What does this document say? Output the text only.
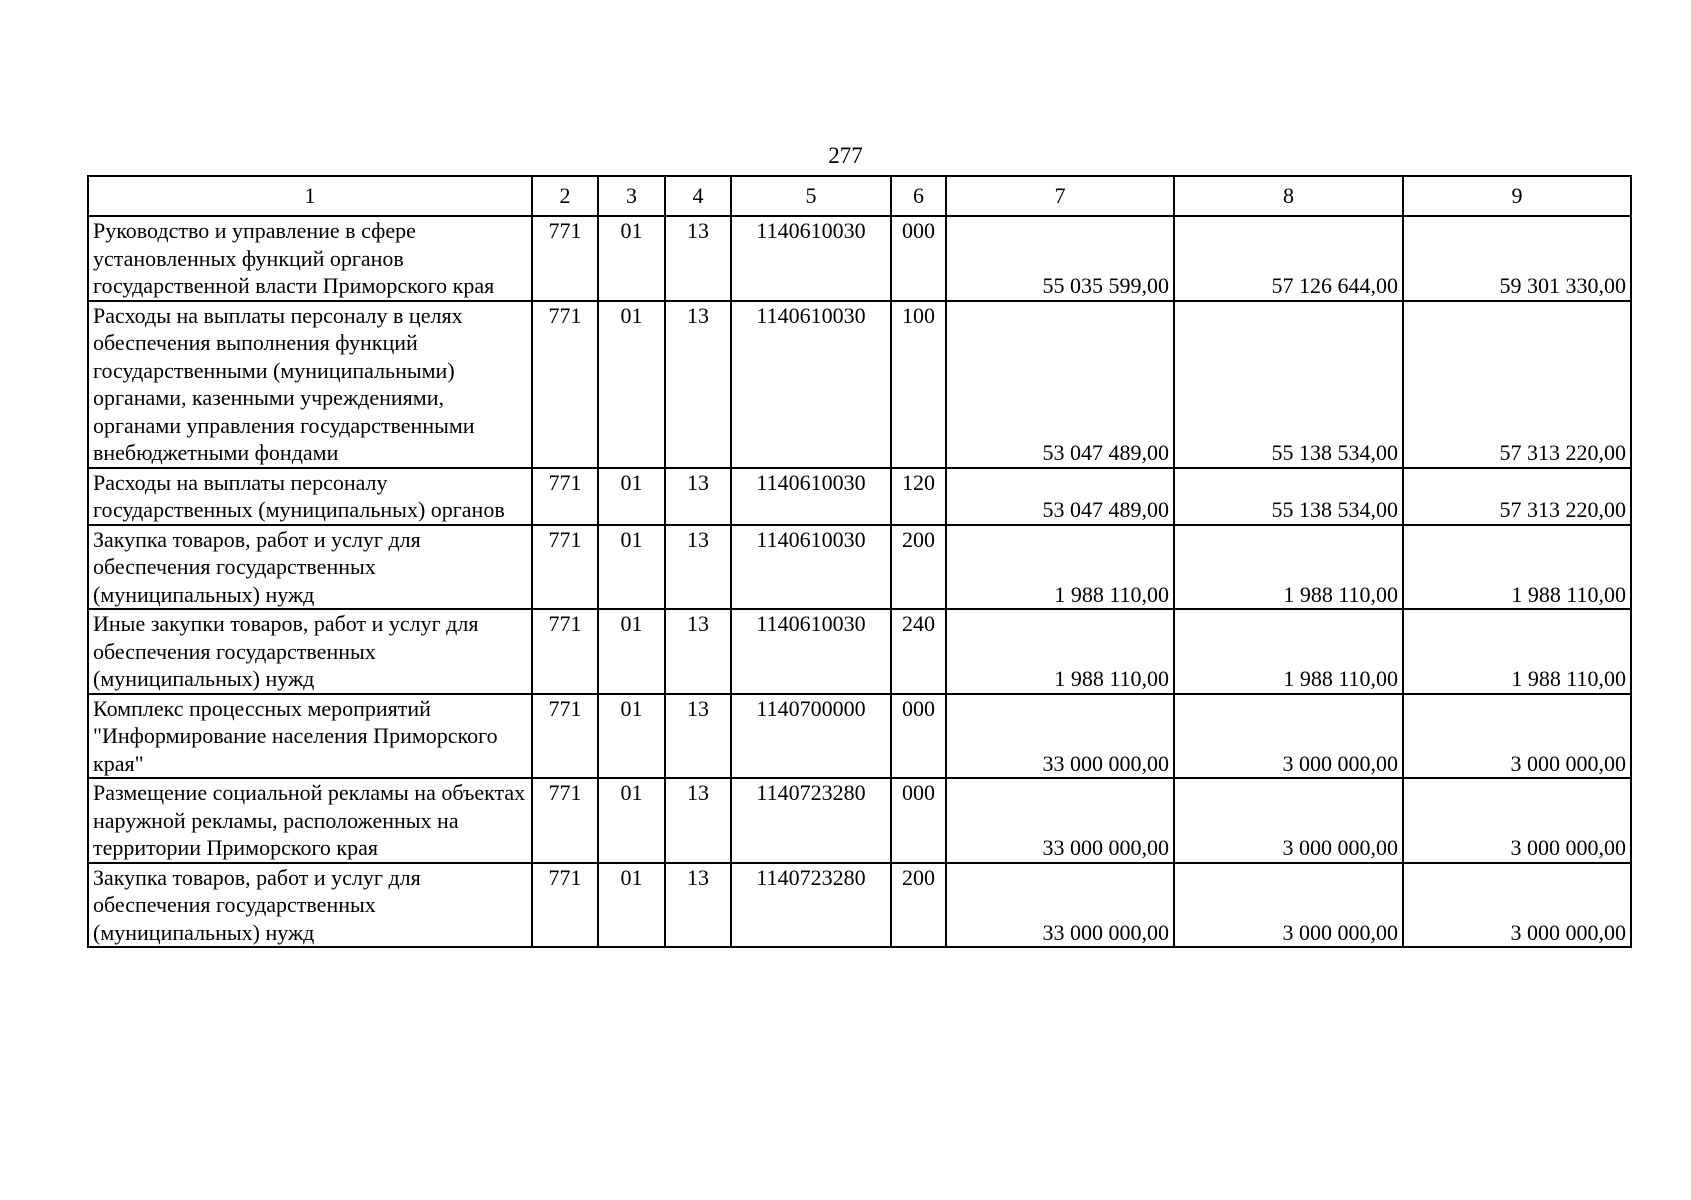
277
1	2	3	4	5	6	7	8	9
Руководство и управление в сфере установленных функций органов государственной власти Приморского края	771	01	13	1140610030	000	55 035 599,00	57 126 644,00	59 301 330,00
Расходы на выплаты персоналу в целях обеспечения выполнения функций государственными (муниципальными) органами, казенными учреждениями, органами управления государственными внебюджетными фондами	771	01	13	1140610030	100	53 047 489,00	55 138 534,00	57 313 220,00
Расходы на выплаты персоналу государственных (муниципальных) органов	771	01	13	1140610030	120	53 047 489,00	55 138 534,00	57 313 220,00
Закупка товаров, работ и услуг для обеспечения государственных (муниципальных) нужд	771	01	13	1140610030	200	1 988 110,00	1 988 110,00	1 988 110,00
Иные закупки товаров, работ и услуг для обеспечения государственных (муниципальных) нужд	771	01	13	1140610030	240	1 988 110,00	1 988 110,00	1 988 110,00
Комплекс процессных мероприятий "Информирование населения Приморского края"	771	01	13	1140700000	000	33 000 000,00	3 000 000,00	3 000 000,00
Размещение социальной рекламы на объектах наружной рекламы, расположенных на территории Приморского края	771	01	13	1140723280	000	33 000 000,00	3 000 000,00	3 000 000,00
Закупка товаров, работ и услуг для обеспечения государственных (муниципальных) нужд	771	01	13	1140723280	200	33 000 000,00	3 000 000,00	3 000 000,00
